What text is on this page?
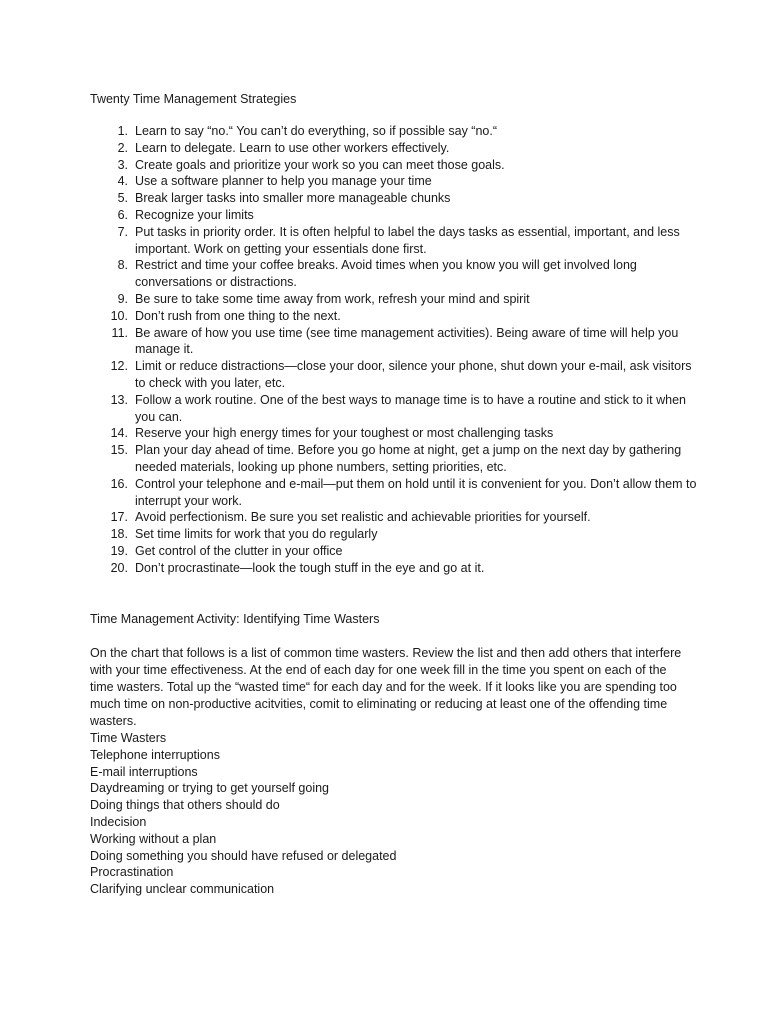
Twenty Time Management Strategies
1. Learn to say “no.“ You can’t do everything, so if possible say “no.“
2. Learn to delegate. Learn to use other workers effectively.
3. Create goals and prioritize your work so you can meet those goals.
4. Use a software planner to help you manage your time
5. Break larger tasks into smaller more manageable chunks
6. Recognize your limits
7. Put tasks in priority order. It is often helpful to label the days tasks as essential, important, and less important. Work on getting your essentials done first.
8. Restrict and time your coffee breaks. Avoid times when you know you will get involved long conversations or distractions.
9. Be sure to take some time away from work, refresh your mind and spirit
10. Don’t rush from one thing to the next.
11. Be aware of how you use time (see time management activities). Being aware of time will help you manage it.
12. Limit or reduce distractions—close your door, silence your phone, shut down your e-mail, ask visitors to check with you later, etc.
13. Follow a work routine. One of the best ways to manage time is to have a routine and stick to it when you can.
14. Reserve your high energy times for your toughest or most challenging tasks
15. Plan your day ahead of time. Before you go home at night, get a jump on the next day by gathering needed materials, looking up phone numbers, setting priorities, etc.
16. Control your telephone and e-mail—put them on hold until it is convenient for you. Don’t allow them to interrupt your work.
17. Avoid perfectionism. Be sure you set realistic and achievable priorities for yourself.
18. Set time limits for work that you do regularly
19. Get control of the clutter in your office
20. Don’t procrastinate—look the tough stuff in the eye and go at it.
Time Management Activity: Identifying Time Wasters

On the chart that follows is a list of common time wasters. Review the list and then add others that interfere with your time effectiveness. At the end of each day for one week fill in the time you spent on each of the time wasters. Total up the “wasted time“ for each day and for the week. If it looks like you are spending too much time on non-productive acitvities, comit to eliminating or reducing at least one of the offending time wasters.

Time Wasters
Telephone interruptions
E-mail interruptions
Daydreaming or trying to get yourself going
Doing things that others should do
Indecision
Working without a plan
Doing something you should have refused or delegated
Procrastination
Clarifying unclear communication
